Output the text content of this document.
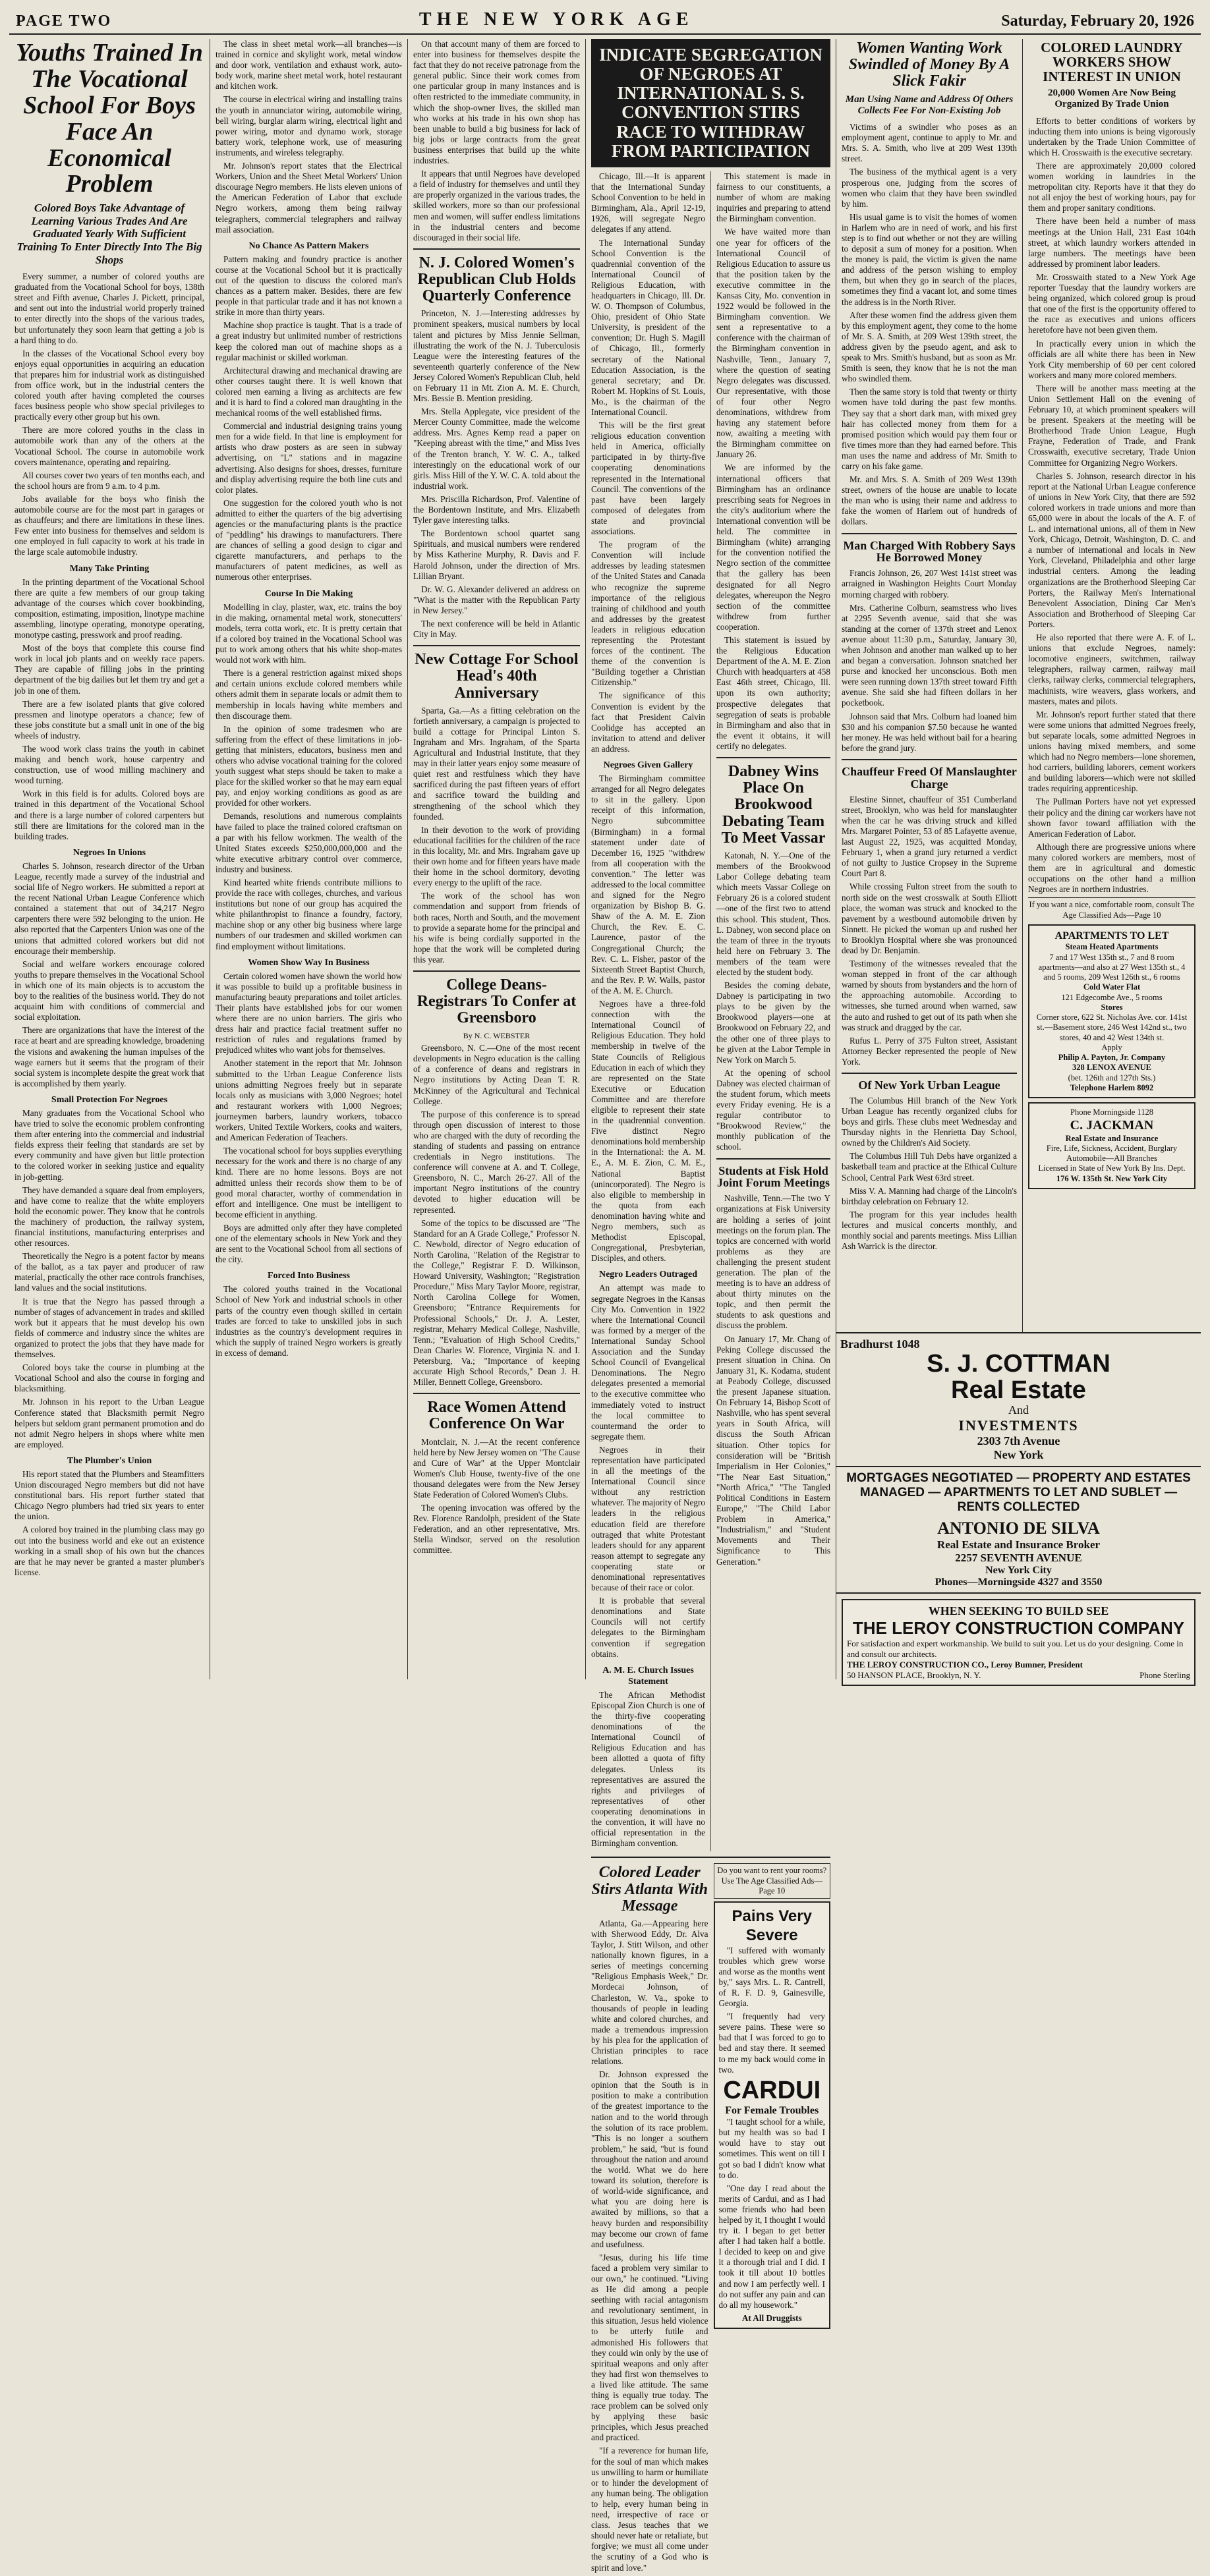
PAGE TWO	THE NEW YORK AGE	Saturday, February 20, 1926
Youths Trained In The Vocational School For Boys Face An Economical Problem
Colored Boys Take Advantage of Learning Various Trades And Are Graduated Yearly With Sufficient Training To Enter Directly Into The Big Shops

Every summer, a number of colored youths are graduated from the Vocational School for boys, 138th street and Fifth avenue, Charles J. Pickett, principal, and sent out into the industrial world properly trained to enter directly into the shops of the various trades, but unfortunately they soon learn that getting a job is a hard thing to do.

In the classes of the Vocational School every boy enjoys equal opportunities in acquiring an education that prepares him for industrial work as distinguished from office work, but in the industrial centers the colored youth after having completed the courses faces business people who show special privileges to practically every other group but his own.

There are more colored youths in the class in automobile work than any of the others at the Vocational School. The course in automobile work covers maintenance, operating and repairing.

All courses cover two years of ten months each, and the school hours are from 9 a.m. to 4 p.m.

Jobs available for the boys who finish the automobile course are for the most part in garages or as chauffeurs; and there are limitations in these lines. Few enter into business for themselves and seldom is one employed in full capacity to work at his trade in the large scale automobile industry.

Many Take Printing

In the printing department of the Vocational School there are quite a few members of our group taking advantage of the courses which cover bookbinding, composition, estimating, imposition, linotype machine assembling, linotype operating, monotype operating, monotype casting, presswork and proof reading.

Most of the boys that complete this course find work in local job plants and on weekly race papers. They are capable of filling jobs in the printing department of the big dailies but let them try and get a job in one of them.

There are a few isolated plants that give colored pressmen and linotype operators a chance; few of these jobs constitute but a small unit in one of the big wheels of industry.

The wood work class trains the youth in cabinet making and bench work, house carpentry and construction, use of wood milling machinery and wood turning.

Work in this field is for adults. Colored boys are trained in this department of the Vocational School and there is a large number of colored carpenters but still there are limitations for the colored man in the building trades.

Negroes In Unions

Charles S. Johnson, research director of the Urban League, recently made a survey of the industrial and social life of Negro workers. He submitted a report at the recent National Urban League Conference which contained a statement that out of 34,217 Negro carpenters there were 592 belonging to the union. He also reported that the Carpenters Union was one of the unions that admitted colored workers but did not encourage their membership.

Social and welfare workers encourage colored youths to prepare themselves in the Vocational School in which one of its main objects is to accustom the boy to the realities of the business world. They do not acquaint him with conditions of commercial and social exploitation.

There are organizations that have the interest of the race at heart and are spreading knowledge, broadening the visions and awakening the human impulses of the wage earners but it seems that the program of their social system is incomplete despite the great work that is accomplished by them yearly.

Small Protection For Negroes

Many graduates from the Vocational School who have tried to solve the economic problem confronting them after entering into the commercial and industrial fields express their feeling that standards are set by every community and have given but little protection to the colored worker in seeking justice and equality in job-getting.

They have demanded a square deal from employers, and have come to realize that the white employers hold the economic power. They know that he controls the machinery of production, the railway system, financial institutions, manufacturing enterprises and other resources.

Theoretically the Negro is a potent factor by means of the ballot, as a tax payer and producer of raw material, practically the other race controls franchises, land values and the social institutions.

It is true that the Negro has passed through a number of stages of advancement in trades and skilled work but it appears that he must develop his own fields of commerce and industry since the whites are organized to protect the jobs that they have made for themselves.

Colored boys take the course in plumbing at the Vocational School and also the course in forging and blacksmithing.

Mr. Johnson in his report to the Urban League Conference stated that Blacksmith permit Negro helpers but seldom grant permanent promotion and do not admit Negro helpers in shops where white men are employed.

The Plumber's Union

His report stated that the Plumbers and Steamfitters Union discouraged Negro members but did not have constitutional bars. His report further stated that Chicago Negro plumbers had tried six years to enter the union.

A colored boy trained in the plumbing class may go out into the business world and eke out an existence working in a small shop of his own but the chances are that he may never be granted a master plumber's license.

The class in sheet metal work—all branches—is trained in cornice and skylight work, metal window and door work, ventilation and exhaust work, auto-body work, marine sheet metal work, hotel restaurant and kitchen work.

The course in electrical wiring and installing trains the youth in annunciator wiring, automobile wiring, bell wiring, burglar alarm wiring, electrical light and power wiring, motor and dynamo work, storage battery work, telephone work, use of measuring instruments, and wireless telegraphy.

Mr. Johnson's report states that the Electrical Workers, Union and the Sheet Metal Workers' Union discourage Negro members. He lists eleven unions of the American Federation of Labor that exclude Negro workers, among them being railway telegraphers, commercial telegraphers and railway mail association.

No Chance As Pattern Makers

Pattern making and foundry practice is another course at the Vocational School but it is practically out of the question to discuss the colored man's chances as a pattern maker. Besides, there are few people in that particular trade and it has not known a strike in more than thirty years.

Machine shop practice is taught. That is a trade of a great industry but unlimited number of restrictions keep the colored man out of machine shops as a regular machinist or skilled workman.

Architectural drawing and mechanical drawing are other courses taught there. It is well known that colored men earning a living as architects are few and it is hard to find a colored man draughting in the mechanical rooms of the well established firms.

Commercial and industrial designing trains young men for a wide field. In that line is employment for artists who draw posters as are seen in subway advertising, on "L" stations and in magazine advertising. Also designs for shoes, dresses, furniture and display advertising require the both line cuts and color plates.

One suggestion for the colored youth who is not admitted to either the quarters of the big advertising agencies or the manufacturing plants is the practice of "peddling" his drawings to manufacturers. There are chances of selling a good design to cigar and cigarette manufacturers, and perhaps to the manufacturers of patent medicines, as well as numerous other enterprises.

Course In Die Making

Modelling in clay, plaster, wax, etc. trains the boy in die making, ornamental metal work, stonecutters' models, terra cotta work, etc. It is pretty certain that if a colored boy trained in the Vocational School was put to work among others that his white shop-mates would not work with him.

There is a general restriction against mixed shops and certain unions exclude colored members while others admit them in separate locals or admit them to membership in locals having white members and then discourage them.

In the opinion of some tradesmen who are suffering from the effect of these limitations in job-getting that ministers, educators, business men and others who advise vocational training for the colored youth suggest what steps should be taken to make a place for the skilled worker so that he may earn equal pay, and enjoy working conditions as good as are provided for other workers.

Demands, resolutions and numerous complaints have failed to place the trained colored craftsman on a par with his fellow workmen. The wealth of the United States exceeds $250,000,000,000 and the white executive arbitrary control over commerce, industry and business.

Kind hearted white friends contribute millions to provide the race with colleges, churches, and various institutions but none of our group has acquired the white philanthropist to finance a foundry, factory, machine shop or any other big business where large numbers of our tradesmen and skilled workmen can find employment without limitations.

Women Show Way In Business

Certain colored women have shown the world how it was possible to build up a profitable business in manufacturing beauty preparations and toilet articles. Their plants have established jobs for our women where there are no union barriers. The girls who dress hair and practice facial treatment suffer no restriction of rules and regulations framed by prejudiced whites who want jobs for themselves.

Another statement in the report that Mr. Johnson submitted to the Urban League Conference lists unions admitting Negroes freely but in separate locals only as musicians with 3,000 Negroes; hotel and restaurant workers with 1,000 Negroes; journeymen barbers, laundry workers, tobacco workers, United Textile Workers, cooks and waiters, and American Federation of Teachers.

The vocational school for boys supplies everything necessary for the work and there is no charge of any kind. There are no home lessons. Boys are not admitted unless their records show them to be of good moral character, worthy of commendation in effort and intelligence. One must be intelligent to become efficient in anything.

Boys are admitted only after they have completed one of the elementary schools in New York and they are sent to the Vocational School from all sections of the city.

Forced Into Business

The colored youths trained in the Vocational School of New York and industrial schools in other parts of the country even though skilled in certain trades are forced to take to unskilled jobs in such industries as the country's development requires in which the supply of trained Negro workers is greatly in excess of demand.

On that account many of them are forced to enter into business for themselves despite the fact that they do not receive patronage from the general public. Since their work comes from one particular group in many instances and is often restricted to the immediate community, in which the shop-owner lives, the skilled man who works at his trade in his own shop has been unable to build a big business for lack of big jobs or large contracts from the great business enterprises that build up the white industries.

It appears that until Negroes have developed a field of industry for themselves and until they are properly organized in the various trades, the skilled workers, more so than our professional men and women, will suffer endless limitations in the industrial centers and become discouraged in their social life.

N. J. Colored Women's Republican Club Holds Quarterly Conference

Princeton, N. J.—Interesting addresses by prominent speakers, musical numbers by local talent and pictures by Miss Jennie Sellman, illustrating the work of the N. J. Tuberculosis League were the interesting features of the seventeenth quarterly conference of the New Jersey Colored Women's Republican Club, held on February 11 in Mt. Zion A. M. E. Church, Mrs. Bessie B. Mention presiding.

Mrs. Stella Applegate, vice president of the Mercer County Committee, made the welcome address. Mrs. Agnes Kemp read a paper on "Keeping abreast with the time," and Miss Ives of the Trenton branch, Y. W. C. A., talked interestingly on the educational work of our girls. Miss Hill of the Y. W. C. A. told about the industrial work.

Mrs. Priscilla Richardson, Prof. Valentine of the Bordentown Institute, and Mrs. Elizabeth Tyler gave interesting talks.

The Bordentown school quartet sang Spirituals, and musical numbers were rendered by Miss Katherine Murphy, R. Davis and F. Harold Johnson, under the direction of Mrs. Lillian Bryant.

Dr. W. G. Alexander delivered an address on "What is the matter with the Republican Party in New Jersey."

The next conference will be held in Atlantic City in May.

New Cottage For School Head's 40th Anniversary

Sparta, Ga.—As a fitting celebration on the fortieth anniversary, a campaign is projected to build a cottage for Principal Linton S. Ingraham and Mrs. Ingraham, of the Sparta Agricultural and Industrial Institute, that they may in their latter years enjoy some measure of quiet rest and restfulness which they have sacrificed during the past fifteen years of effort and sacrifice toward the building and strengthening of the school which they founded.

In their devotion to the work of providing educational facilities for the children of the race in this locality, Mr. and Mrs. Ingraham gave up their own home and for fifteen years have made their home in the school dormitory, devoting every energy to the uplift of the race.

The work of the school has won commendation and support from friends of both races, North and South, and the movement to provide a separate home for the principal and his wife is being cordially supported in the hope that the work will be completed during this year.

College Deans-Registrars To Confer at Greensboro
By N. C. WEBSTER

Greensboro, N. C.—One of the most recent developments in Negro education is the calling of a conference of deans and registrars in Negro institutions by Acting Dean T. R. McKinney of the Agricultural and Technical College.

The purpose of this conference is to spread through open discussion of interest to those who are charged with the duty of recording the standing of students and passing on entrance credentials in Negro institutions. The conference will convene at A. and T. College, Greensboro, N. C., March 26-27. All of the important Negro institutions of the country devoted to higher education will be represented.

Some of the topics to be discussed are "The Standard for an A Grade College," Professor N. C. Newbold, director of Negro education of North Carolina, "Relation of the Registrar to the College," Registrar F. D. Wilkinson, Howard University, Washington; "Registration Procedure," Miss Mary Taylor Moore, registrar, North Carolina College for Women, Greensboro; "Entrance Requirements for Professional Schools," Dr. J. A. Lester, registrar, Meharry Medical College, Nashville, Tenn.; "Evaluation of High School Credits," Dean Charles W. Florence, Virginia N. and I. Petersburg, Va.; "Importance of keeping accurate High School Records," Dean J. H. Miller, Bennett College, Greensboro.

Race Women Attend Conference On War

Montclair, N. J.—At the recent conference held here by New Jersey women on "The Cause and Cure of War" at the Upper Montclair Women's Club House, twenty-five of the one thousand delegates were from the New Jersey State Federation of Colored Women's Clubs.

The opening invocation was offered by the Rev. Florence Randolph, president of the State Federation, and an other representative, Mrs. Stella Windsor, served on the resolution committee.

INDICATE SEGREGATION OF NEGROES AT INTERNATIONAL S. S. CONVENTION STIRS RACE TO WITHDRAW FROM PARTICIPATION

Chicago, Ill.—It is apparent that the International Sunday School Convention to be held in Birmingham, Ala., April 12-19, 1926, will segregate Negro delegates if any attend.

The International Sunday School Convention is the quadrennial convention of the International Council of Religious Education, with headquarters in Chicago, Ill. Dr. W. O. Thompson of Columbus, Ohio, president of Ohio State University, is president of the convention; Dr. Hugh S. Magill of Chicago, Ill., formerly secretary of the National Education Association, is the general secretary; and Dr. Robert M. Hopkins of St. Louis, Mo., is the chairman of the International Council.

This will be the first great religious education convention held in America, officially participated in by thirty-five cooperating denominations represented in the International Council. The conventions of the past have been largely composed of delegates from state and provincial associations.

The program of the Convention will include addresses by leading statesmen of the United States and Canada who recognize the supreme importance of the religious training of childhood and youth and addresses by the greatest leaders in religious education representing the Protestant forces of the continent. The theme of the convention is "Building together a Christian Citizenship."

The significance of this Convention is evident by the fact that President Calvin Coolidge has accepted an invitation to attend and deliver an address.

Negroes Given Gallery

The Birmingham committee arranged for all Negro delegates to sit in the gallery. Upon receipt of this information, Negro subcommittee (Birmingham) in a formal statement under date of December 16, 1925 "withdrew from all cooperation with the convention." The letter was addressed to the local committee and signed for the Negro organization by Bishop B. G. Shaw of the A. M. E. Zion Church, the Rev. E. C. Laurence, pastor of the Congregational Church; the Rev. C. L. Fisher, pastor of the Sixteenth Street Baptist Church, and the Rev. P. W. Walls, pastor of the A. M. E. Church.

Negroes have a three-fold connection with the International Council of Religious Education. They hold membership in twelve of the State Councils of Religious Education in each of which they are represented on the State Executive or Education Committee and are therefore eligible to represent their state in the quadrennial convention. Five distinct Negro denominations hold membership in the International: the A. M. E., A. M. E. Zion, C. M. E., National Baptist (unincorporated). The Negro is also eligible to membership in the quota from each denomination having white and Negro members, such as Methodist Episcopal, Congregational, Presbyterian, Disciples, and others.

Negro Leaders Outraged

An attempt was made to segregate Negroes in the Kansas City Mo. Convention in 1922 where the International Council was formed by a merger of the International Sunday School Association and the Sunday School Council of Evangelical Denominations. The Negro delegates presented a memorial to the executive committee who immediately voted to instruct the local committee to countermand the order to segregate them.

Negroes in their representation have participated in all the meetings of the International Council since without any restriction whatever. The majority of Negro leaders in the religious education field are therefore outraged that white Protestant leaders should for any apparent reason attempt to segregate any cooperating state or denominational representatives because of their race or color.

It is probable that several denominations and State Councils will not certify delegates to the Birmingham convention if segregation obtains.

A. M. E. Church Issues Statement

The African Methodist Episcopal Zion Church is one of the thirty-five cooperating denominations of the International Council of Religious Education and has been allotted a quota of fifty delegates. Unless its representatives are assured the rights and privileges of representatives of other cooperating denominations in the convention, it will have no official representation in the Birmingham convention.

This statement is made in fairness to our constituents, a number of whom are making inquiries and preparing to attend the Birmingham convention.

We have waited more than one year for officers of the International Council of Religious Education to assure us that the position taken by the executive committee in the Kansas City, Mo. convention in 1922 would be followed in the Birmingham convention. We sent a representative to a conference with the chairman of the Birmingham convention in Nashville, Tenn., January 7, where the question of seating Negro delegates was discussed. Our representative, with those of four other Negro denominations, withdrew from having any statement before now, awaiting a meeting with the Birmingham committee on January 26.

We are informed by the international officers that Birmingham has an ordinance prescribing seats for Negroes in the city's auditorium where the International convention will be held. The committee in Birmingham (white) arranging for the convention notified the Negro section of the committee that the gallery has been designated for all Negro delegates, whereupon the Negro section of the committee withdrew from further cooperation.

This statement is issued by the Religious Education Department of the A. M. E. Zion Church with headquarters at 458 East 46th street, Chicago, Ill. upon its own authority; prospective delegates that segregation of seats is probable in Birmingham and also that in the event it obtains, it will certify no delegates.

Dabney Wins Place On Brookwood Debating Team To Meet Vassar

Katonah, N. Y.—One of the members of the Brookwood Labor College debating team which meets Vassar College on February 26 is a colored student—one of the first two to attend this school. This student, Thos. L. Dabney, won second place on the team of three in the tryouts held here on February 3. The members of the team were elected by the student body.

Besides the coming debate, Dabney is participating in two plays to be given by the Brookwood players—one at Brookwood on February 22, and the other one of three plays to be given at the Labor Temple in New York on March 5.

At the opening of school Dabney was elected chairman of the student forum, which meets every Friday evening. He is a regular contributor to "Brookwood Review," the monthly publication of the school.

Students at Fisk Hold Joint Forum Meetings

Nashville, Tenn.—The two Y organizations at Fisk University are holding a series of joint meetings on the forum plan. The topics are concerned with world problems as they are challenging the present student generation. The plan of the meeting is to have an address of about thirty minutes on the topic, and then permit the students to ask questions and discuss the problem.

On January 17, Mr. Chang of Peking College discussed the present situation in China. On January 31, K. Kodama, student at Peabody College, discussed the present Japanese situation. On February 14, Bishop Scott of Nashville, who has spent several years in South Africa, will discuss the South African situation. Other topics for consideration will be "British Imperialism in Her Colonies," "The Near East Situation," "North Africa," "The Tangled Political Conditions in Eastern Europe," "The Child Labor Problem in America," "Industrialism," and "Student Movements and Their Significance to This Generation."

Colored Leader Stirs Atlanta With Message

Atlanta, Ga.—Appearing here with Sherwood Eddy, Dr. Alva Taylor, J. Stitt Wilson, and other nationally known figures, in a series of meetings concerning "Religious Emphasis Week," Dr. Mordecai Johnson, of Charleston, W. Va., spoke to thousands of people in leading white and colored churches, and made a tremendous impression by his plea for the application of Christian principles to race relations.

Dr. Johnson expressed the opinion that the South is in position to make a contribution of the greatest importance to the nation and to the world through the solution of its race problem. "This is no longer a southern problem," he said, "but is found throughout the nation and around the world. What we do here toward its solution, therefore is of world-wide significance, and what you are doing here is awaited by millions, so that a heavy burden and responsibility may become our crown of fame and usefulness.

"Jesus, during his life time faced a problem very similar to our own," he continued. "Living as He did among a people seething with racial antagonism and revolutionary sentiment, in this situation, Jesus held violence to be utterly futile and admonished His followers that they could win only by the use of spiritual weapons and only after they had first won themselves to a lived like attitude. The same thing is equally true today. The race problem can be solved only by applying these basic principles, which Jesus preached and practiced.

"If a reverence for human life, for the soul of man which makes us unwilling to harm or humiliate or to hinder the development of any human being. The obligation to help, every human being in need, irrespective of race or class. Jesus teaches that we should never hate or retaliate, but forgive; we must all come under the scrutiny of a God who is spirit and love."

Do you want to rent your rooms? Use The Age Classified Ads—Page 10
Pains Very Severe

"I suffered with womanly troubles which grew worse and worse as the months went by," says Mrs. L. R. Cantrell, of R. F. D. 9, Gainesville, Georgia.

"I frequently had very severe pains. These were so bad that I was forced to go to bed and stay there. It seemed to me my back would come in two.

CARDUI
For Female Troubles

"I taught school for a while, but my health was so bad I would have to stay out sometimes. This went on till I got so bad I didn't know what to do.

"One day I read about the merits of Cardui, and as I had some friends who had been helped by it, I thought I would try it. I began to get better after I had taken half a bottle. I decided to keep on and give it a thorough trial and I did. I took it till about 10 bottles and now I am perfectly well. I do not suffer any pain and can do all my housework."

At All Druggists
Women Wanting Work Swindled of Money By A Slick Fakir
Man Using Name and Address Of Others Collects Fee For Non-Existing Job

Victims of a swindler who poses as an employment agent, continue to apply to Mr. and Mrs. S. A. Smith, who live at 209 West 139th street.

The business of the mythical agent is a very prosperous one, judging from the scores of women who claim that they have been swindled by him.

His usual game is to visit the homes of women in Harlem who are in need of work, and his first step is to find out whether or not they are willing to deposit a sum of money for a position. When the money is paid, the victim is given the name and address of the person wishing to employ them, but when they go in search of the places, sometimes they find a vacant lot, and some times the address is in the North River.

After these women find the address given them by this employment agent, they come to the home of Mr. S. A. Smith, at 209 West 139th street, the address given by the pseudo agent, and ask to speak to Mrs. Smith's husband, but as soon as Mr. Smith is seen, they know that he is not the man who swindled them.

Then the same story is told that twenty or thirty women have told during the past few months. They say that a short dark man, with mixed grey hair has collected money from them for a promised position which would pay them four or five times more than they had earned before. This man uses the name and address of Mr. Smith to carry on his fake game.

Mr. and Mrs. S. A. Smith of 209 West 139th street, owners of the house are unable to locate the man who is using their name and address to fake the women of Harlem out of hundreds of dollars.

Man Charged With Robbery Says He Borrowed Money

Francis Johnson, 26, 207 West 141st street was arraigned in Washington Heights Court Monday morning charged with robbery.

Mrs. Catherine Colburn, seamstress who lives at 2295 Seventh avenue, said that she was standing at the corner of 137th street and Lenox avenue about 11:30 p.m., Saturday, January 30, when Johnson and another man walked up to her and began a conversation. Johnson snatched her purse and knocked her unconscious. Both men were seen running down 137th street toward Fifth avenue. She said she had fifteen dollars in her pocketbook.

Johnson said that Mrs. Colburn had loaned him $30 and his companion $7.50 because he wanted her money. He was held without bail for a hearing before the grand jury.

Chauffeur Freed Of Manslaughter Charge

Elestine Sinnet, chauffeur of 351 Cumberland street, Brooklyn, who was held for manslaughter when the car he was driving struck and killed Mrs. Margaret Pointer, 53 of 85 Lafayette avenue, last August 22, 1925, was acquitted Monday, February 1, when a grand jury returned a verdict of not guilty to Justice Cropsey in the Supreme Court Part 8.

While crossing Fulton street from the south to north side on the west crosswalk at South Elliott place, the woman was struck and knocked to the pavement by a westbound automobile driven by Sinnett. He picked the woman up and rushed her to Brooklyn Hospital where she was pronounced dead by Dr. Benjamin.

Testimony of the witnesses revealed that the woman stepped in front of the car although warned by shouts from bystanders and the horn of the approaching automobile. According to witnesses, she turned around when warned, saw the auto and rushed to get out of its path when she was struck and dragged by the car.

Rufus L. Perry of 375 Fulton street, Assistant Attorney Becker represented the people of New York.

Of New York Urban League

The Columbus Hill branch of the New York Urban League has recently organized clubs for boys and girls. These clubs meet Wednesday and Thursday nights in the Henrietta Day School, owned by the Children's Aid Society.

The Columbus Hill Tuh Debs have organized a basketball team and practice at the Ethical Culture School, Central Park West 63rd street.

Miss V. A. Manning had charge of the Lincoln's birthday celebration on February 12.

The program for this year includes health lectures and musical concerts monthly, and monthly social and parents meetings. Miss Lillian Ash Warrick is the director.

COLORED LAUNDRY WORKERS SHOW INTEREST IN UNION
20,000 Women Are Now Being Organized By Trade Union

Efforts to better conditions of workers by inducting them into unions is being vigorously undertaken by the Trade Union Committee of which H. Crosswaith is the executive secretary.

There are approximately 20,000 colored women working in laundries in the metropolitan city. Reports have it that they do not all enjoy the best of working hours, pay for them and proper sanitary conditions.

There have been held a number of mass meetings at the Union Hall, 231 East 104th street, at which laundry workers attended in large numbers. The meetings have been addressed by prominent labor leaders.

Mr. Crosswaith stated to a New York Age reporter Tuesday that the laundry workers are being organized, which colored group is proud that one of the first is the opportunity offered to the race as executives and unions officers heretofore have not been given them.

In practically every union in which the officials are all white there has been in New York City membership of 60 per cent colored workers and many more colored members.

There will be another mass meeting at the Union Settlement Hall on the evening of February 10, at which prominent speakers will be present. Speakers at the meeting will be Brotherhood Trade Union League, Hugh Frayne, Federation of Trade, and Frank Crosswaith, executive secretary, Trade Union Committee for Organizing Negro Workers.

Charles S. Johnson, research director in his report at the National Urban League conference of unions in New York City, that there are 592 colored workers in trade unions and more than 65,000 were in about the locals of the A. F. of L. and international unions, all of them in New York, Chicago, Detroit, Washington, D. C. and a number of international and locals in New York, Cleveland, Philadelphia and other large industrial centers. Among the leading organizations are the Brotherhood Sleeping Car Porters, the Railway Men's International Benevolent Association, Dining Car Men's Association and Brotherhood of Sleeping Car Porters.

He also reported that there were A. F. of L. unions that exclude Negroes, namely: locomotive engineers, switchmen, railway telegraphers, railway carmen, railway mail clerks, railway clerks, commercial telegraphers, machinists, wire weavers, glass workers, and masters, mates and pilots.

Mr. Johnson's report further stated that there were some unions that admitted Negroes freely, but separate locals, some admitted Negroes in unions having mixed members, and some which had no Negro members—lone shoremen, hod carriers, building laborers, cement workers and building laborers—which were not skilled trades requiring apprenticeship.

The Pullman Porters have not yet expressed their policy and the dining car workers have not shown favor toward affiliation with the American Federation of Labor.

Although there are progressive unions where many colored workers are members, most of them are in agricultural and domestic occupations on the other hand a million Negroes are in northern industries.

If you want a nice, comfortable room, consult The Age Classified Ads—Page 10
APARTMENTS TO LET
Steam Heated Apartments
7 and 17 West 135th st., 7 and 8 room apartments—and also at 27 West 135th st., 4 and 5 rooms, 209 West 126th st., 6 rooms
Cold Water Flat
121 Edgecombe Ave., 5 rooms
Stores
Corner store, 622 St. Nicholas Ave. cor. 141st st.—Basement store, 246 West 142nd st., two stores, 40 and 42 West 134th st.
Apply
Philip A. Payton, Jr. Company
328 LENOX AVENUE
(bet. 126th and 127th Sts.)
Telephone Harlem 8092
Phone Morningside 1128
C. JACKMAN
Real Estate and Insurance
Fire, Life, Sickness, Accident, Burglary
Automobile—All Branches
Licensed in State of New York By Ins. Dept.
176 W. 135th St. New York City
Bradhurst 1048
S. J. COTTMAN
Real Estate
And
INVESTMENTS
2303 7th Avenue
New York
MORTGAGES NEGOTIATED — PROPERTY AND ESTATES MANAGED — APARTMENTS TO LET AND SUBLET — RENTS COLLECTED
ANTONIO DE SILVA
Real Estate and Insurance Broker
2257 SEVENTH AVENUE
New York City
Phones—Morningside 4327 and 3550
WHEN SEEKING TO BUILD SEE
THE LEROY CONSTRUCTION COMPANY
For satisfaction and expert workmanship. We build to suit you. Let us do your designing. Come in and consult our architects.
THE LEROY CONSTRUCTION CO., Leroy Bumner, President
50 HANSON PLACE, Brooklyn, N. Y.	Phone Sterling
